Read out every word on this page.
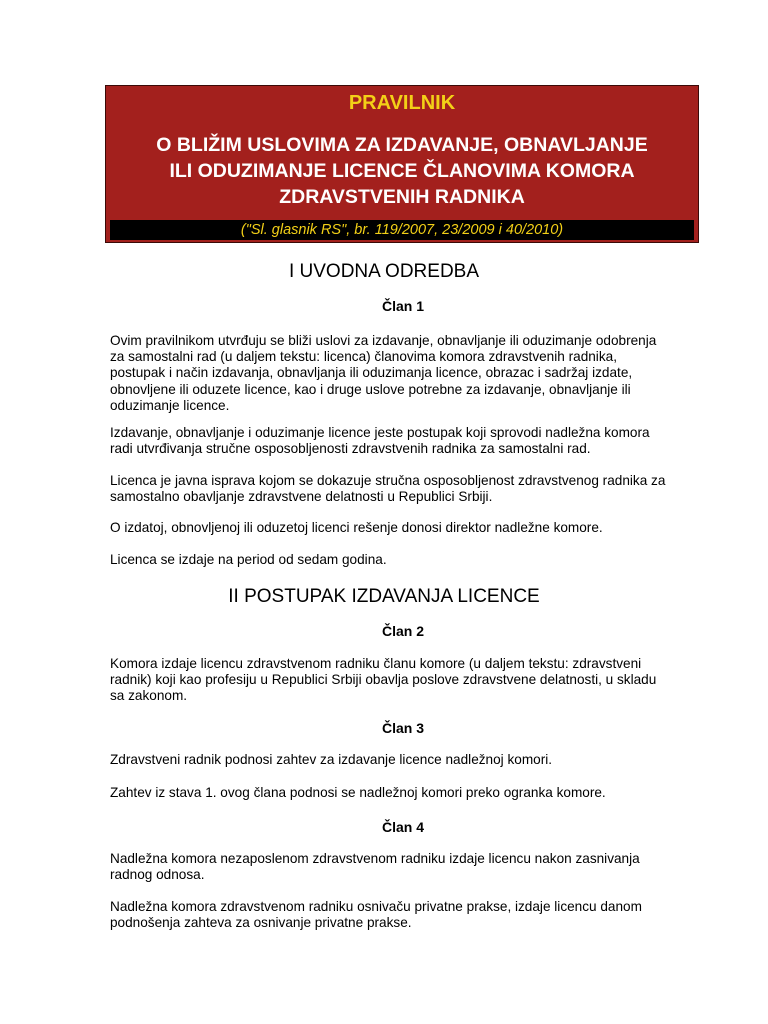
PRAVILNIK
O BLIŽIM USLOVIMA ZA IZDAVANJE, OBNAVLJANJE
ILI ODUZIMANJE LICENCE ČLANOVIMA KOMORA
ZDRAVSTVENIH RADNIKA
("Sl. glasnik RS", br. 119/2007, 23/2009 i 40/2010)
I UVODNA ODREDBA
Član 1
Ovim pravilnikom utvrđuju se bliži uslovi za izdavanje, obnavljanje ili oduzimanje odobrenja
za samostalni rad (u daljem tekstu: licenca) članovima komora zdravstvenih radnika,
postupak i način izdavanja, obnavljanja ili oduzimanja licence, obrazac i sadržaj izdate,
obnovljene ili oduzete licence, kao i druge uslove potrebne za izdavanje, obnavljanje ili
oduzimanje licence.
Izdavanje, obnavljanje i oduzimanje licence jeste postupak koji sprovodi nadležna komora
radi utvrđivanja stručne osposobljenosti zdravstvenih radnika za samostalni rad.
Licenca je javna isprava kojom se dokazuje stručna osposobljenost zdravstvenog radnika za
samostalno obavljanje zdravstvene delatnosti u Republici Srbiji.
O izdatoj, obnovljenoj ili oduzetoj licenci rešenje donosi direktor nadležne komore.
Licenca se izdaje na period od sedam godina.
II POSTUPAK IZDAVANJA LICENCE
Član 2
Komora izdaje licencu zdravstvenom radniku članu komore (u daljem tekstu: zdravstveni
radnik) koji kao profesiju u Republici Srbiji obavlja poslove zdravstvene delatnosti, u skladu
sa zakonom.
Član 3
Zdravstveni radnik podnosi zahtev za izdavanje licence nadležnoj komori.
Zahtev iz stava 1. ovog člana podnosi se nadležnoj komori preko ogranka komore.
Član 4
Nadležna komora nezaposlenom zdravstvenom radniku izdaje licencu nakon zasnivanja
radnog odnosa.
Nadležna komora zdravstvenom radniku osnivaču privatne prakse, izdaje licencu danom
podnošenja zahteva za osnivanje privatne prakse.
